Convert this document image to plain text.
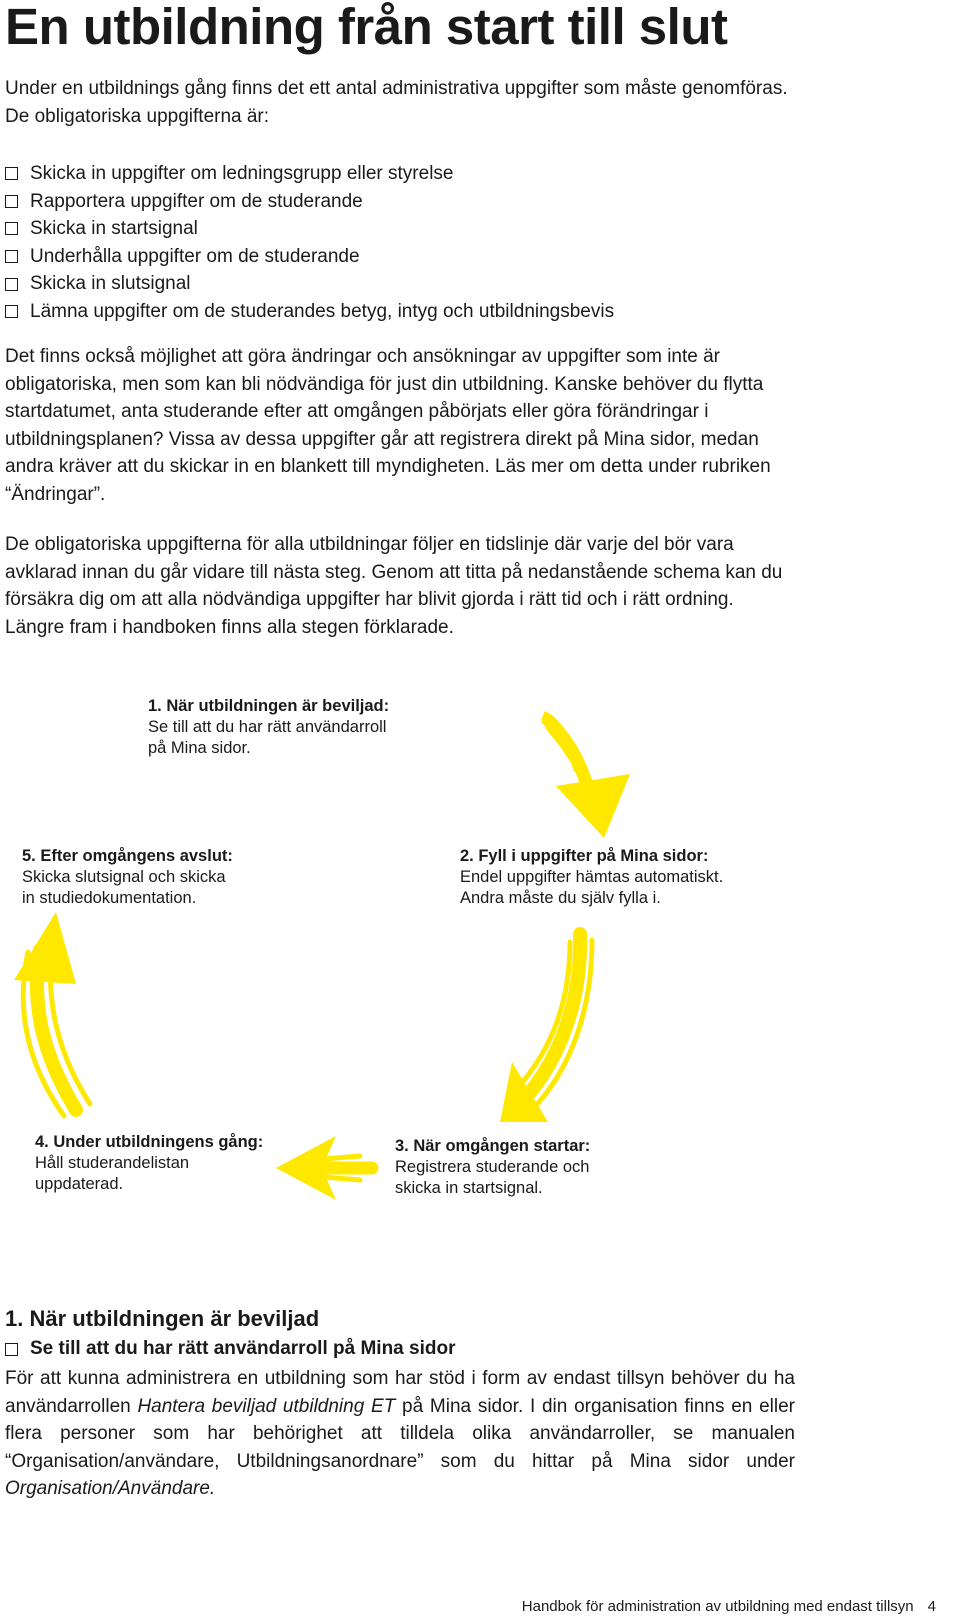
En utbildning från start till slut

Under en utbildnings gång finns det ett antal administrativa uppgifter som måste genomföras. De obligatoriska uppgifterna är:

Skicka in uppgifter om ledningsgrupp eller styrelse
Rapportera uppgifter om de studerande
Skicka in startsignal
Underhålla uppgifter om de studerande
Skicka in slutsignal
Lämna uppgifter om de studerandes betyg, intyg och utbildningsbevis

Det finns också möjlighet att göra ändringar och ansökningar av uppgifter som inte är obligatoriska, men som kan bli nödvändiga för just din utbildning. Kanske behöver du flytta startdatumet, anta studerande efter att omgången påbörjats eller göra förändringar i utbildningsplanen? Vissa av dessa uppgifter går att registrera direkt på Mina sidor, medan andra kräver att du skickar in en blankett till myndigheten. Läs mer om detta under rubriken “Ändringar”.

De obligatoriska uppgifterna för alla utbildningar följer en tidslinje där varje del bör vara avklarad innan du går vidare till nästa steg. Genom att titta på nedanstående schema kan du försäkra dig om att alla nödvändiga uppgifter har blivit gjorda i rätt tid och i rätt ordning. Längre fram i handboken finns alla stegen förklarade.

1. När utbildningen är beviljad:
Se till att du har rätt användarroll
på Mina sidor.
2. Fyll i uppgifter på Mina sidor:
Endel uppgifter hämtas automatiskt.
Andra måste du själv fylla i.
3. När omgången startar:
Registrera studerande och
skicka in startsignal.
4. Under utbildningens gång:
Håll studerandelistan
uppdaterad.
5. Efter omgångens avslut:
Skicka slutsignal och skicka
in studiedokumentation.
1. När utbildningen är beviljad
Se till att du har rätt användarroll på Mina sidor

För att kunna administrera en utbildning som har stöd i form av endast tillsyn behöver du ha användarrollen Hantera beviljad utbildning ET på Mina sidor. I din organisation finns en eller flera personer som har behörighet att tilldela olika användarroller, se manualen “Organisation/användare, Utbildningsanordnare” som du hittar på Mina sidor under Organisation/Användare.

Handbok för administration av utbildning med endast tillsyn 4
